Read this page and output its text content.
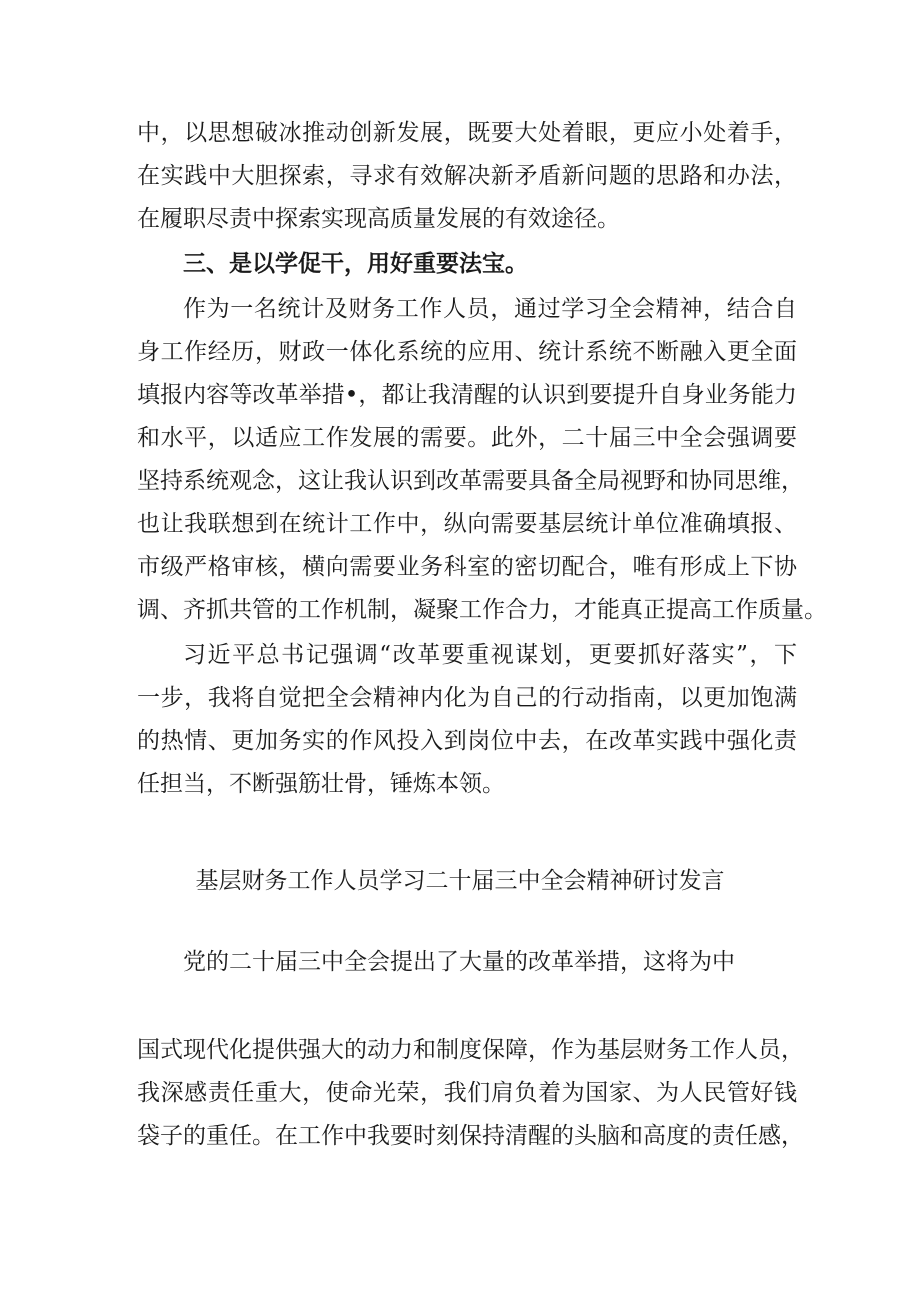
中，以思想破冰推动创新发展，既要大处着眼，更应小处着手，
在实践中大胆探索，寻求有效解决新矛盾新问题的思路和办法，
在履职尽责中探索实现高质量发展的有效途径。
三、是以学促干，用好重要法宝。
作为一名统计及财务工作人员，通过学习全会精神，结合自
身工作经历，财政一体化系统的应用、统计系统不断融入更全面
填报内容等改革举措•，都让我清醒的认识到要提升自身业务能力
和水平，以适应工作发展的需要。此外，二十届三中全会强调要
坚持系统观念，这让我认识到改革需要具备全局视野和协同思维，
也让我联想到在统计工作中，纵向需要基层统计单位准确填报、
市级严格审核，横向需要业务科室的密切配合，唯有形成上下协
调、齐抓共管的工作机制，凝聚工作合力，才能真正提高工作质量。
习近平总书记强调“改革要重视谋划，更要抓好落实”，下
一步，我将自觉把全会精神内化为自己的行动指南，以更加饱满
的热情、更加务实的作风投入到岗位中去，在改革实践中强化责
任担当，不断强筋壮骨，锤炼本领。
基层财务工作人员学习二十届三中全会精神研讨发言
党的二十届三中全会提出了大量的改革举措，这将为中
国式现代化提供强大的动力和制度保障，作为基层财务工作人员，
我深感责任重大，使命光荣，我们肩负着为国家、为人民管好钱
袋子的重任。在工作中我要时刻保持清醒的头脑和高度的责任感，
